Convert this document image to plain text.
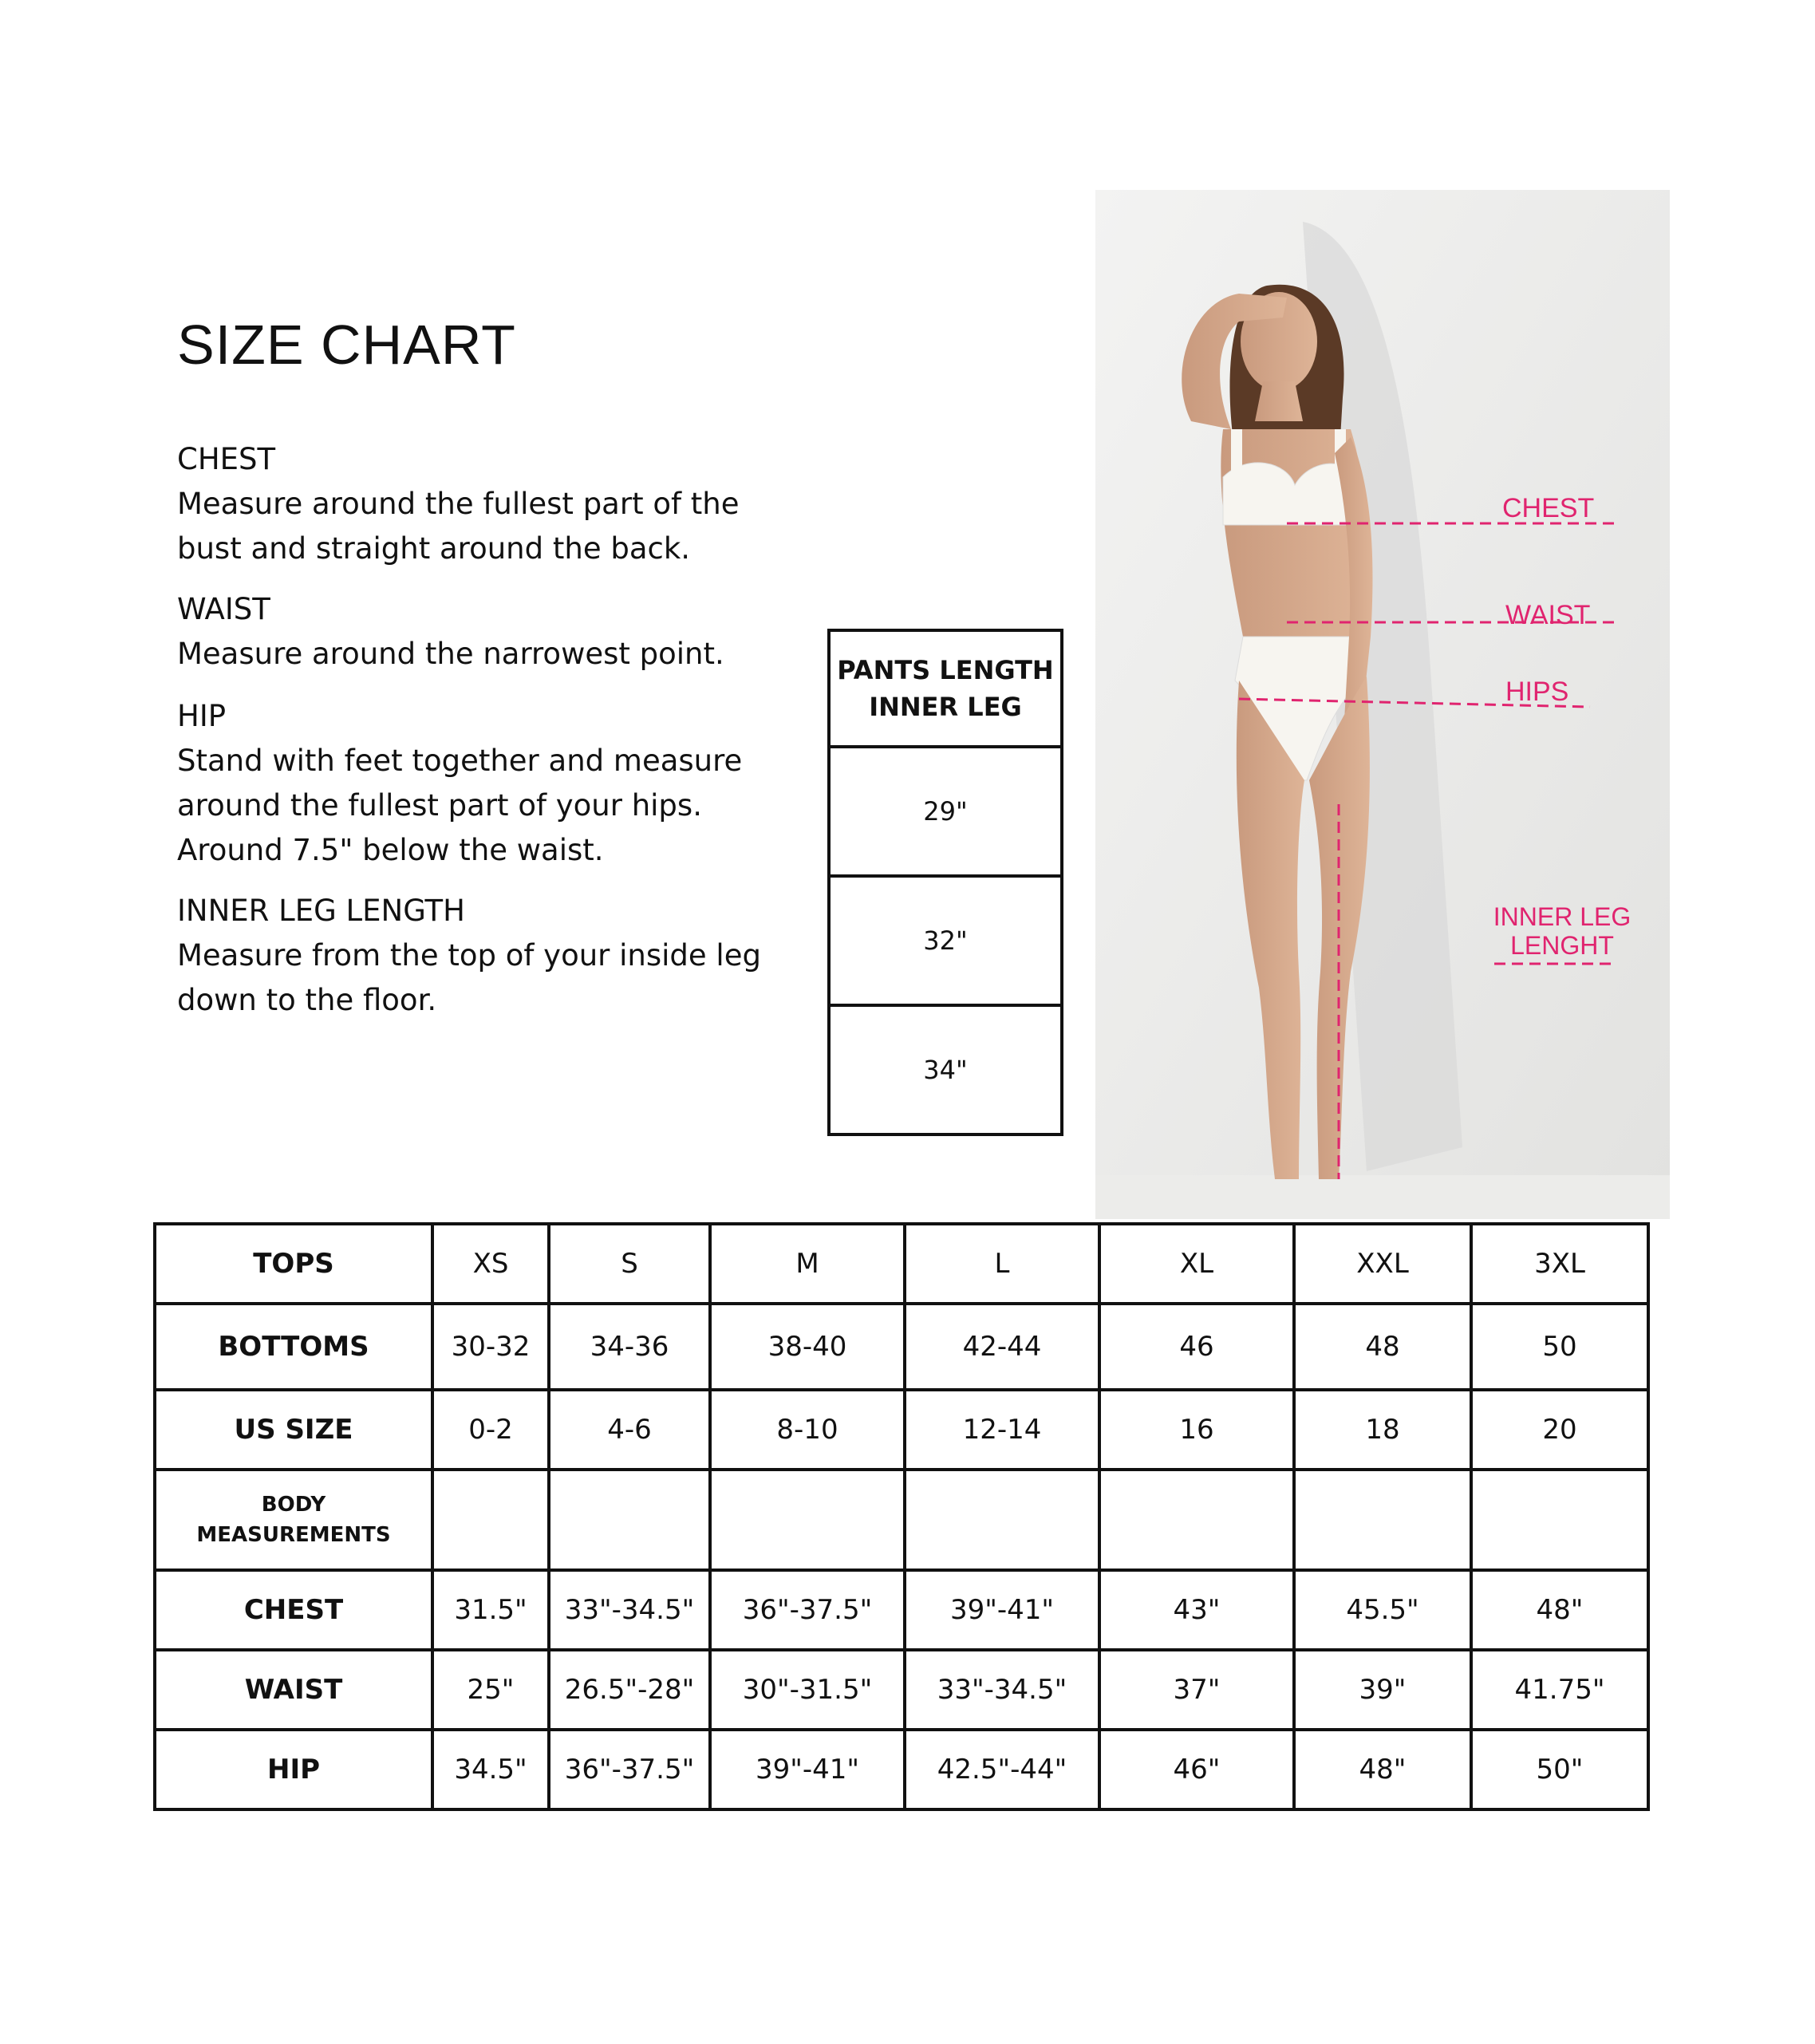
SIZE CHART
CHEST
Measure around the fullest part of the bust and straight around the back.
WAIST
Measure around the narrowest point.
HIP
Stand with feet together and measure around the fullest part of your hips. Around 7.5" below the waist.
INNER LEG LENGTH
Measure from the top of your inside leg down to the floor.
PANTS LENGTH
INNER LEG

29"
32"
34"
CHEST
WAIST
HIPS
INNER LEG
LENGHT
TOPS	XS	S	M	L	XL	XXL	3XL
BOTTOMS	30-32	34-36	38-40	42-44	46	48	50
US SIZE	0-2	4-6	8-10	12-14	16	18	20

BODY
MEASUREMENTS							

CHEST	31.5"	33"-34.5"	36"-37.5"	39"-41"	43"	45.5"	48"
WAIST	25"	26.5"-28"	30"-31.5"	33"-34.5"	37"	39"	41.75"
HIP	34.5"	36"-37.5"	39"-41"	42.5"-44"	46"	48"	50"
